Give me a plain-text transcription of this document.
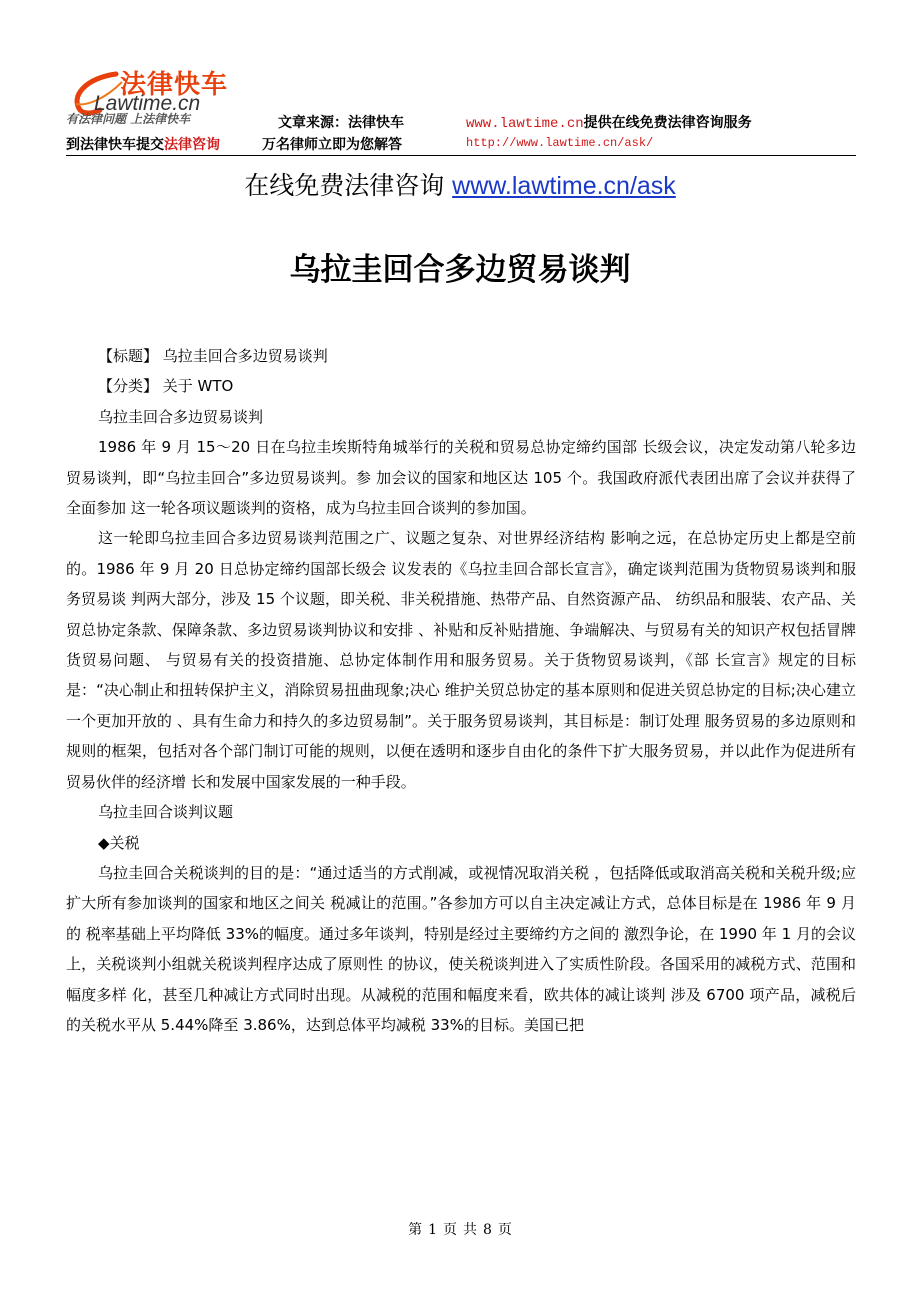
法律快车
Lawtime.cn
有法律问题 上法律快车	文章来源：法律快车	www.lawtime.cn提供在线免费法律咨询服务
到法律快车提交法律咨询	万名律师立即为您解答	http://www.lawtime.cn/ask/
在线免费法律咨询 www.lawtime.cn/ask
乌拉圭回合多边贸易谈判

【标题】 乌拉圭回合多边贸易谈判

【分类】 关于 WTO

乌拉圭回合多边贸易谈判

1986 年 9 月 15～20 日在乌拉圭埃斯特角城举行的关税和贸易总协定缔约国部 长级会议，决定发动第八轮多边贸易谈判，即“乌拉圭回合”多边贸易谈判。参 加会议的国家和地区达 105 个。我国政府派代表团出席了会议并获得了全面参加 这一轮各项议题谈判的资格，成为乌拉圭回合谈判的参加国。

这一轮即乌拉圭回合多边贸易谈判范围之广、议题之复杂、对世界经济结构 影响之远，在总协定历史上都是空前的。1986 年 9 月 20 日总协定缔约国部长级会 议发表的《乌拉圭回合部长宣言》，确定谈判范围为货物贸易谈判和服务贸易谈 判两大部分，涉及 15 个议题，即关税、非关税措施、热带产品、自然资源产品、 纺织品和服装、农产品、关贸总协定条款、保障条款、多边贸易谈判协议和安排 、补贴和反补贴措施、争端解决、与贸易有关的知识产权包括冒牌货贸易问题、 与贸易有关的投资措施、总协定体制作用和服务贸易。关于货物贸易谈判，《部 长宣言》规定的目标是：“决心制止和扭转保护主义，消除贸易扭曲现象;决心 维护关贸总协定的基本原则和促进关贸总协定的目标;决心建立一个更加开放的 、具有生命力和持久的多边贸易制”。关于服务贸易谈判，其目标是：制订处理 服务贸易的多边原则和规则的框架，包括对各个部门制订可能的规则，以便在透明和逐步自由化的条件下扩大服务贸易，并以此作为促进所有贸易伙伴的经济增 长和发展中国家发展的一种手段。

乌拉圭回合谈判议题

◆关税

乌拉圭回合关税谈判的目的是：“通过适当的方式削减，或视情况取消关税 ，包括降低或取消高关税和关税升级;应扩大所有参加谈判的国家和地区之间关 税减让的范围。”各参加方可以自主决定减让方式，总体目标是在 1986 年 9 月的 税率基础上平均降低 33%的幅度。通过多年谈判，特别是经过主要缔约方之间的 激烈争论，在 1990 年 1 月的会议上，关税谈判小组就关税谈判程序达成了原则性 的协议，使关税谈判进入了实质性阶段。各国采用的减税方式、范围和幅度多样 化，甚至几种减让方式同时出现。从减税的范围和幅度来看，欧共体的减让谈判 涉及 6700 项产品，减税后的关税水平从 5.44%降至 3.86%，达到总体平均减税 33%的目标。美国已把

第 1 页 共 8 页
